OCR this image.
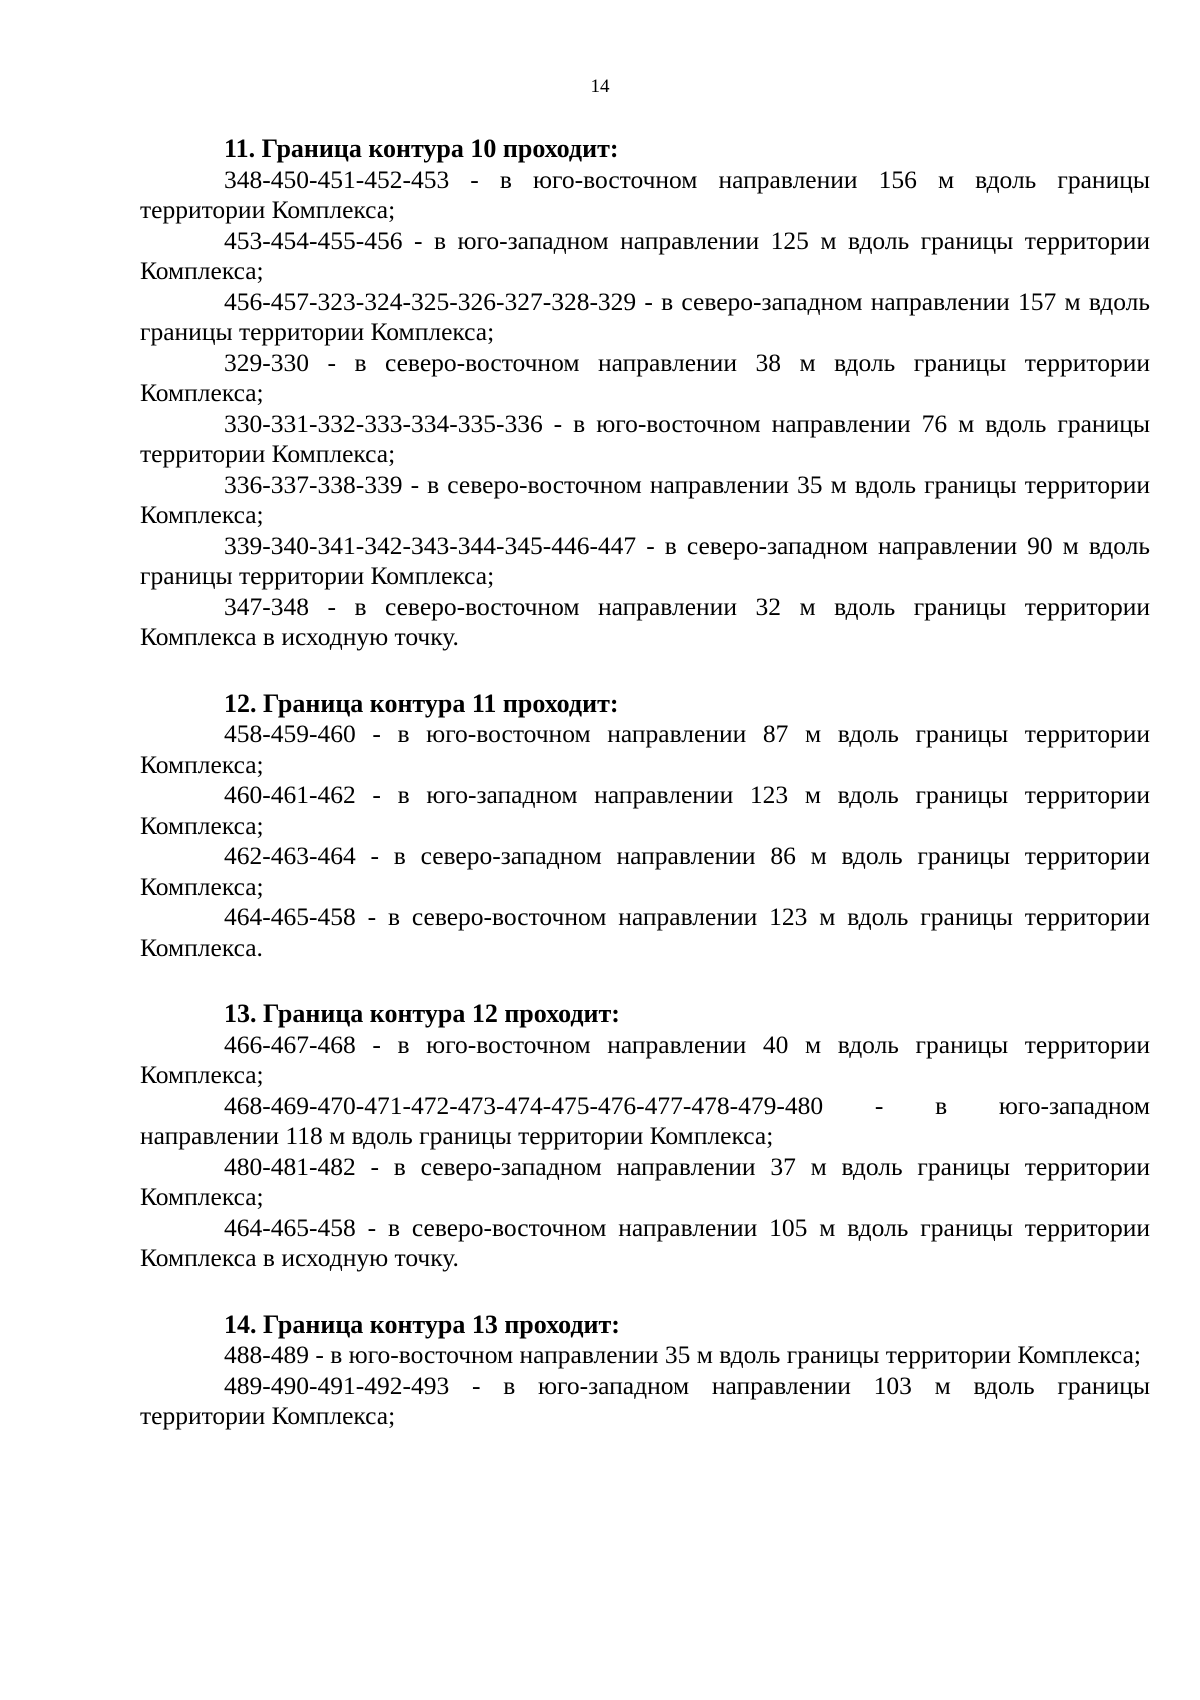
14

11. Граница контура 10 проходит:

348-450-451-452-453 - в юго-восточном направлении 156 м вдоль границы территории Комплекса;

453-454-455-456 - в юго-западном направлении 125 м вдоль границы территории Комплекса;

456-457-323-324-325-326-327-328-329 - в северо-западном направлении 157 м вдоль границы территории Комплекса;

329-330 - в северо-восточном направлении 38 м вдоль границы территории Комплекса;

330-331-332-333-334-335-336 - в юго-восточном направлении 76 м вдоль границы территории Комплекса;

336-337-338-339 - в северо-восточном направлении 35 м вдоль границы территории Комплекса;

339-340-341-342-343-344-345-446-447 - в северо-западном направлении 90 м вдоль границы территории Комплекса;

347-348 - в северо-восточном направлении 32 м вдоль границы территории Комплекса в исходную точку.

12. Граница контура 11 проходит:

458-459-460 - в юго-восточном направлении 87 м вдоль границы территории Комплекса;

460-461-462 - в юго-западном направлении 123 м вдоль границы территории Комплекса;

462-463-464 - в северо-западном направлении 86 м вдоль границы территории Комплекса;

464-465-458 - в северо-восточном направлении 123 м вдоль границы территории Комплекса.

13. Граница контура 12 проходит:

466-467-468 - в юго-восточном направлении 40 м вдоль границы территории Комплекса;

468-469-470-471-472-473-474-475-476-477-478-479-480 - в юго-западном направлении 118 м вдоль границы территории Комплекса;

480-481-482 - в северо-западном направлении 37 м вдоль границы территории Комплекса;

464-465-458 - в северо-восточном направлении 105 м вдоль границы территории Комплекса в исходную точку.

14. Граница контура 13 проходит:

488-489 - в юго-восточном направлении 35 м вдоль границы территории Комплекса;

489-490-491-492-493 - в юго-западном направлении 103 м вдоль границы территории Комплекса;
